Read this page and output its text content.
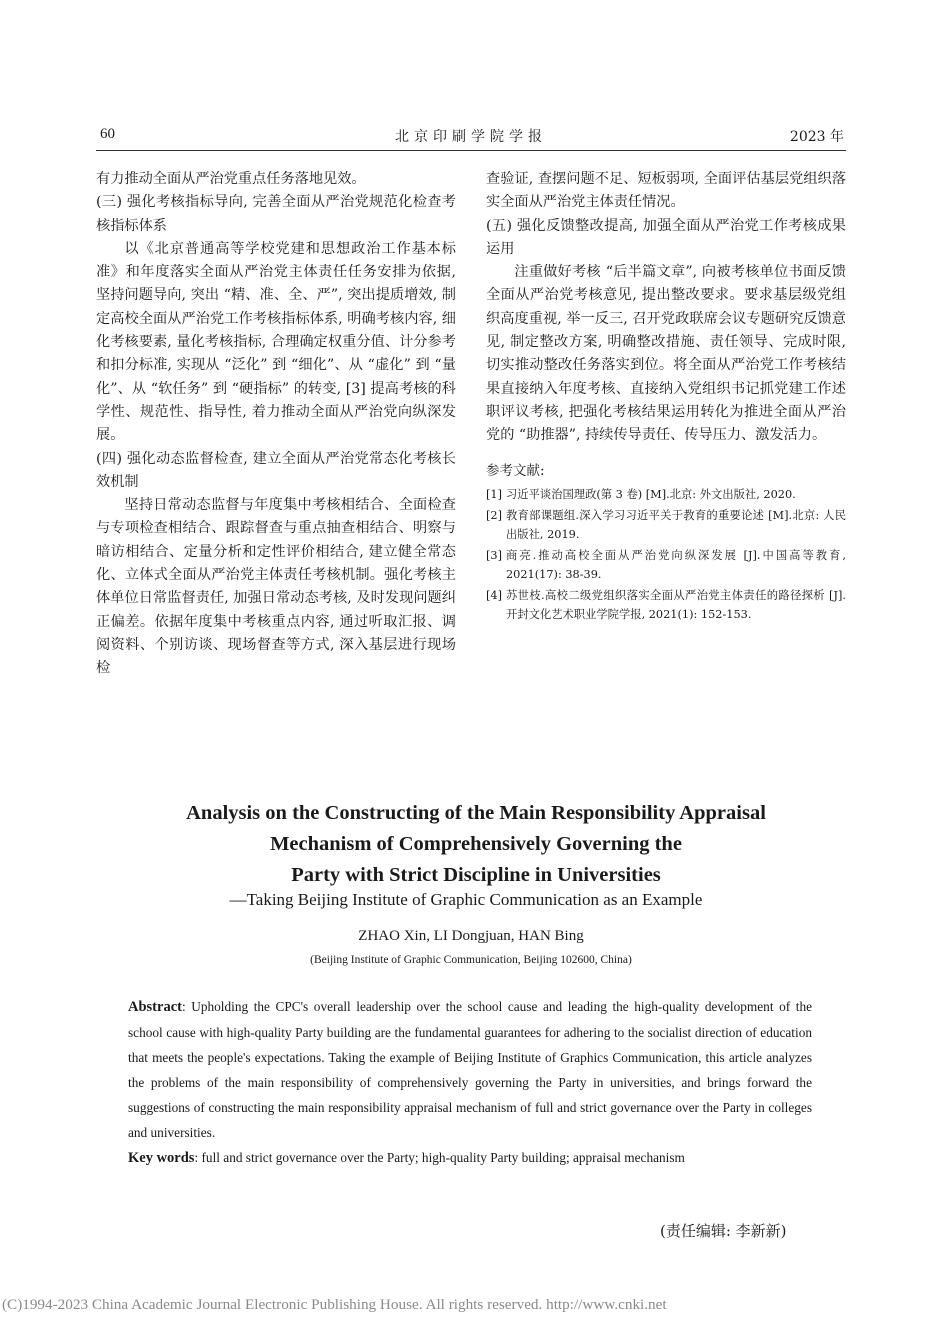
60	北京印刷学院学报	2023 年

有力推动全面从严治党重点任务落地见效。

(三) 强化考核指标导向, 完善全面从严治党规范化检查考核指标体系

以《北京普通高等学校党建和思想政治工作基本标准》和年度落实全面从严治党主体责任任务安排为依据, 坚持问题导向, 突出 “精、准、全、严”, 突出提质增效, 制定高校全面从严治党工作考核指标体系, 明确考核内容, 细化考核要素, 量化考核指标, 合理确定权重分值、计分参考和扣分标准, 实现从 “泛化” 到 “细化”、从 “虚化” 到 “量化”、从 “软任务” 到 “硬指标” 的转变, [3] 提高考核的科学性、规范性、指导性, 着力推动全面从严治党向纵深发展。

(四) 强化动态监督检查, 建立全面从严治党常态化考核长效机制

坚持日常动态监督与年度集中考核相结合、全面检查与专项检查相结合、跟踪督查与重点抽查相结合、明察与暗访相结合、定量分析和定性评价相结合, 建立健全常态化、立体式全面从严治党主体责任考核机制。强化考核主体单位日常监督责任, 加强日常动态考核, 及时发现问题纠正偏差。依据年度集中考核重点内容, 通过听取汇报、调阅资料、个别访谈、现场督查等方式, 深入基层进行现场检

查验证, 查摆问题不足、短板弱项, 全面评估基层党组织落实全面从严治党主体责任情况。

(五) 强化反馈整改提高, 加强全面从严治党工作考核成果运用

注重做好考核 “后半篇文章”, 向被考核单位书面反馈全面从严治党考核意见, 提出整改要求。要求基层级党组织高度重视, 举一反三, 召开党政联席会议专题研究反馈意见, 制定整改方案, 明确整改措施、责任领导、完成时限, 切实推动整改任务落实到位。将全面从严治党工作考核结果直接纳入年度考核、直接纳入党组织书记抓党建工作述职评议考核, 把强化考核结果运用转化为推进全面从严治党的 “助推器”, 持续传导责任、传导压力、激发活力。

参考文献:

[1] 习近平谈治国理政(第 3 卷) [M].北京: 外文出版社, 2020.

[2] 教育部课题组.深入学习习近平关于教育的重要论述 [M].北京: 人民出版社, 2019.

[3] 商亮.推动高校全面从严治党向纵深发展 [J].中国高等教育, 2021(17): 38-39.

[4] 苏世枝.高校二级党组织落实全面从严治党主体责任的路径探析 [J].开封文化艺术职业学院学报, 2021(1): 152-153.

Analysis on the Constructing of the Main Responsibility Appraisal
Mechanism of Comprehensively Governing the
Party with Strict Discipline in Universities
—Taking Beijing Institute of Graphic Communication as an Example
ZHAO Xin, LI Dongjuan, HAN Bing
(Beijing Institute of Graphic Communication, Beijing 102600, China)

Abstract: Upholding the CPC's overall leadership over the school cause and leading the high-quality development of the school cause with high-quality Party building are the fundamental guarantees for adhering to the socialist direction of education that meets the people's expectations. Taking the example of Beijing Institute of Graphics Communication, this article analyzes the problems of the main responsibility of comprehensively governing the Party in universities, and brings forward the suggestions of constructing the main responsibility appraisal mechanism of full and strict governance over the Party in colleges and universities.

Key words: full and strict governance over the Party; high-quality Party building; appraisal mechanism

(责任编辑: 李新新)
(C)1994-2023 China Academic Journal Electronic Publishing House. All rights reserved. http://www.cnki.net
